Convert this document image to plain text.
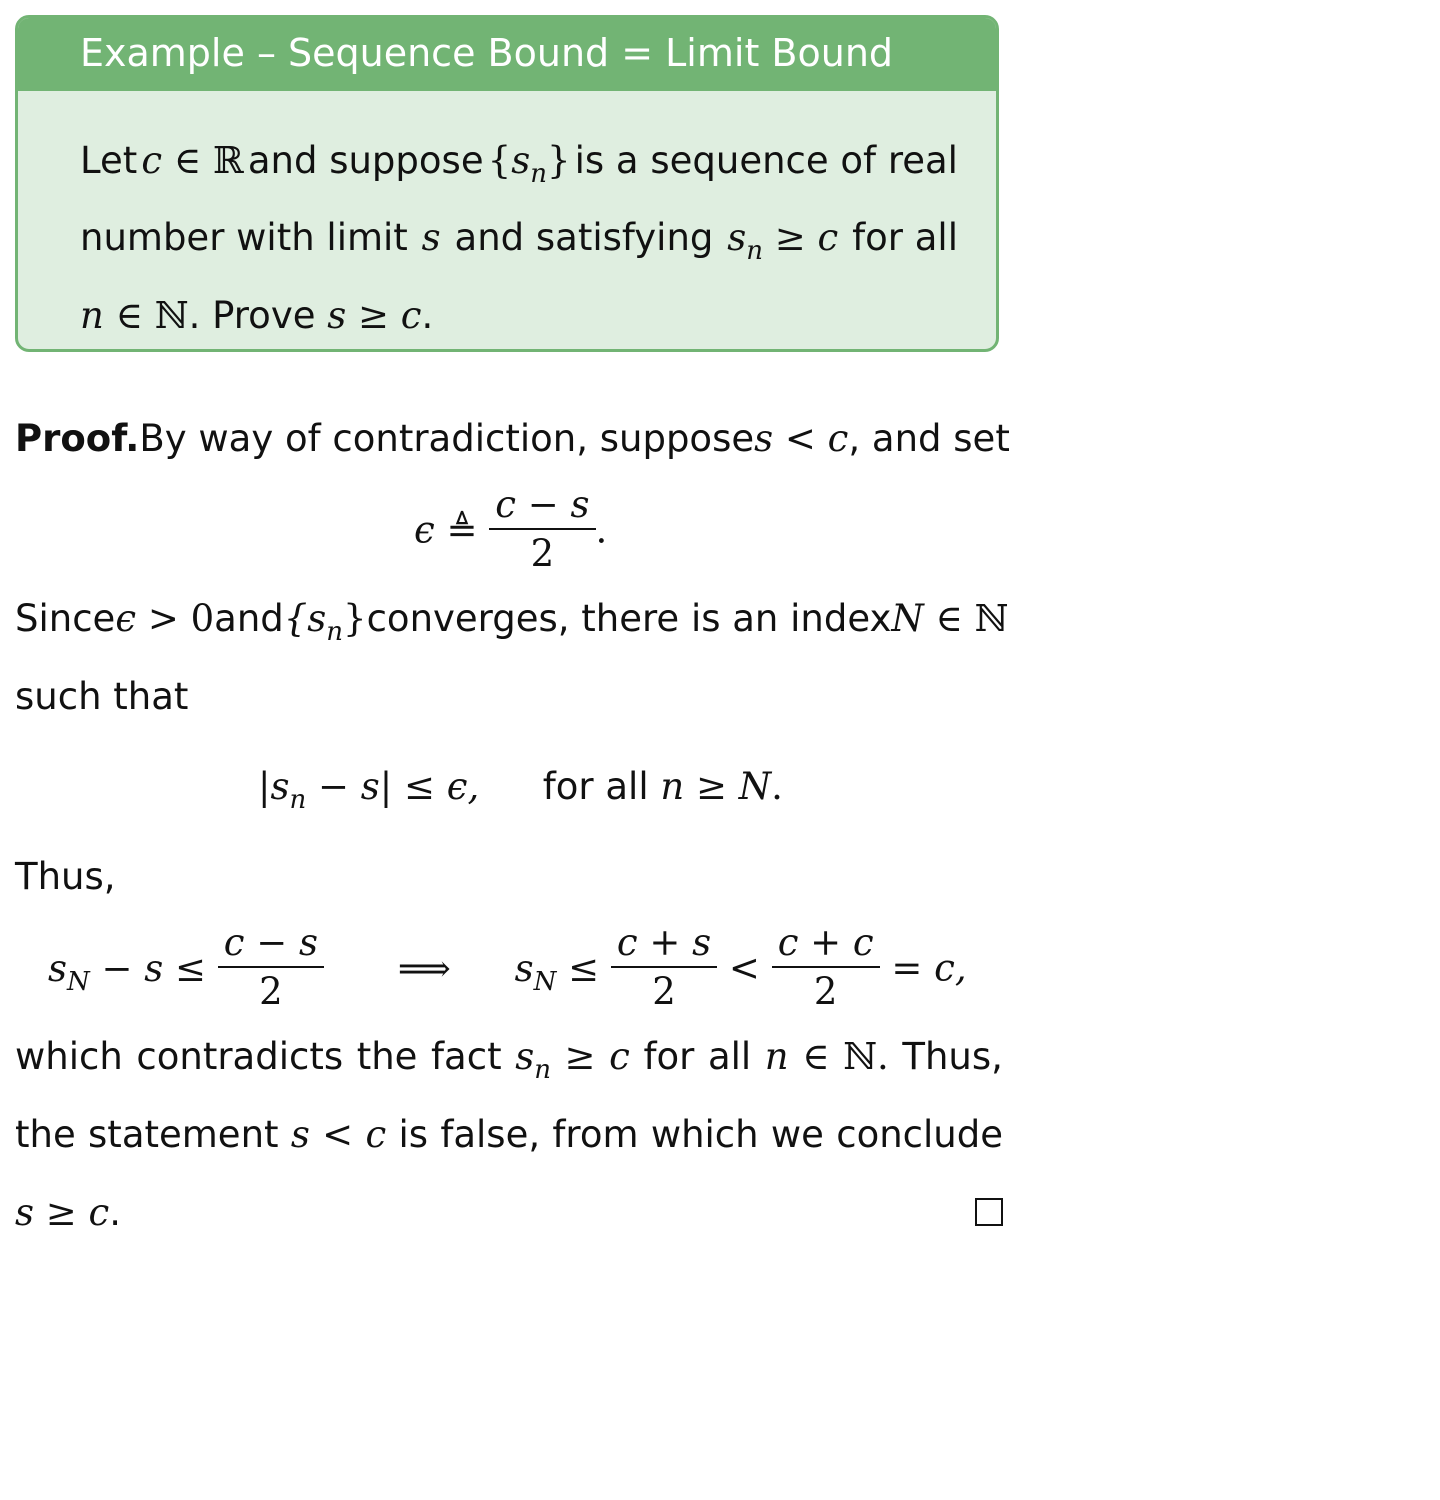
Example – Sequence Bound = Limit Bound
Let c ∈ ℝ and suppose $\{s_n\}$ is a sequence of real
number with limit s and satisfying $s_n \ge c$ for all
n ∈ ℕ. Prove s ≥ c.
Proof. By way of contradiction, suppose s < c, and set
ϵ ≜ $\frac{c - s}{2}$ .
Since ϵ > 0 and $\{s_n\}$ converges, there is an index N ∈ ℕ
such that
$|s_n - s| \le \epsilon$, for all n ≥ N.
Thus,
$s_N - s \le \frac{c - s}{2}$ ⟹ $s_N \le \frac{c + s}{2} < \frac{c + c}{2} = c$,
which contradicts the fact $s_n \ge c$ for all n ∈ ℕ. Thus,
the statement s < c is false, from which we conclude
s ≥ c.
